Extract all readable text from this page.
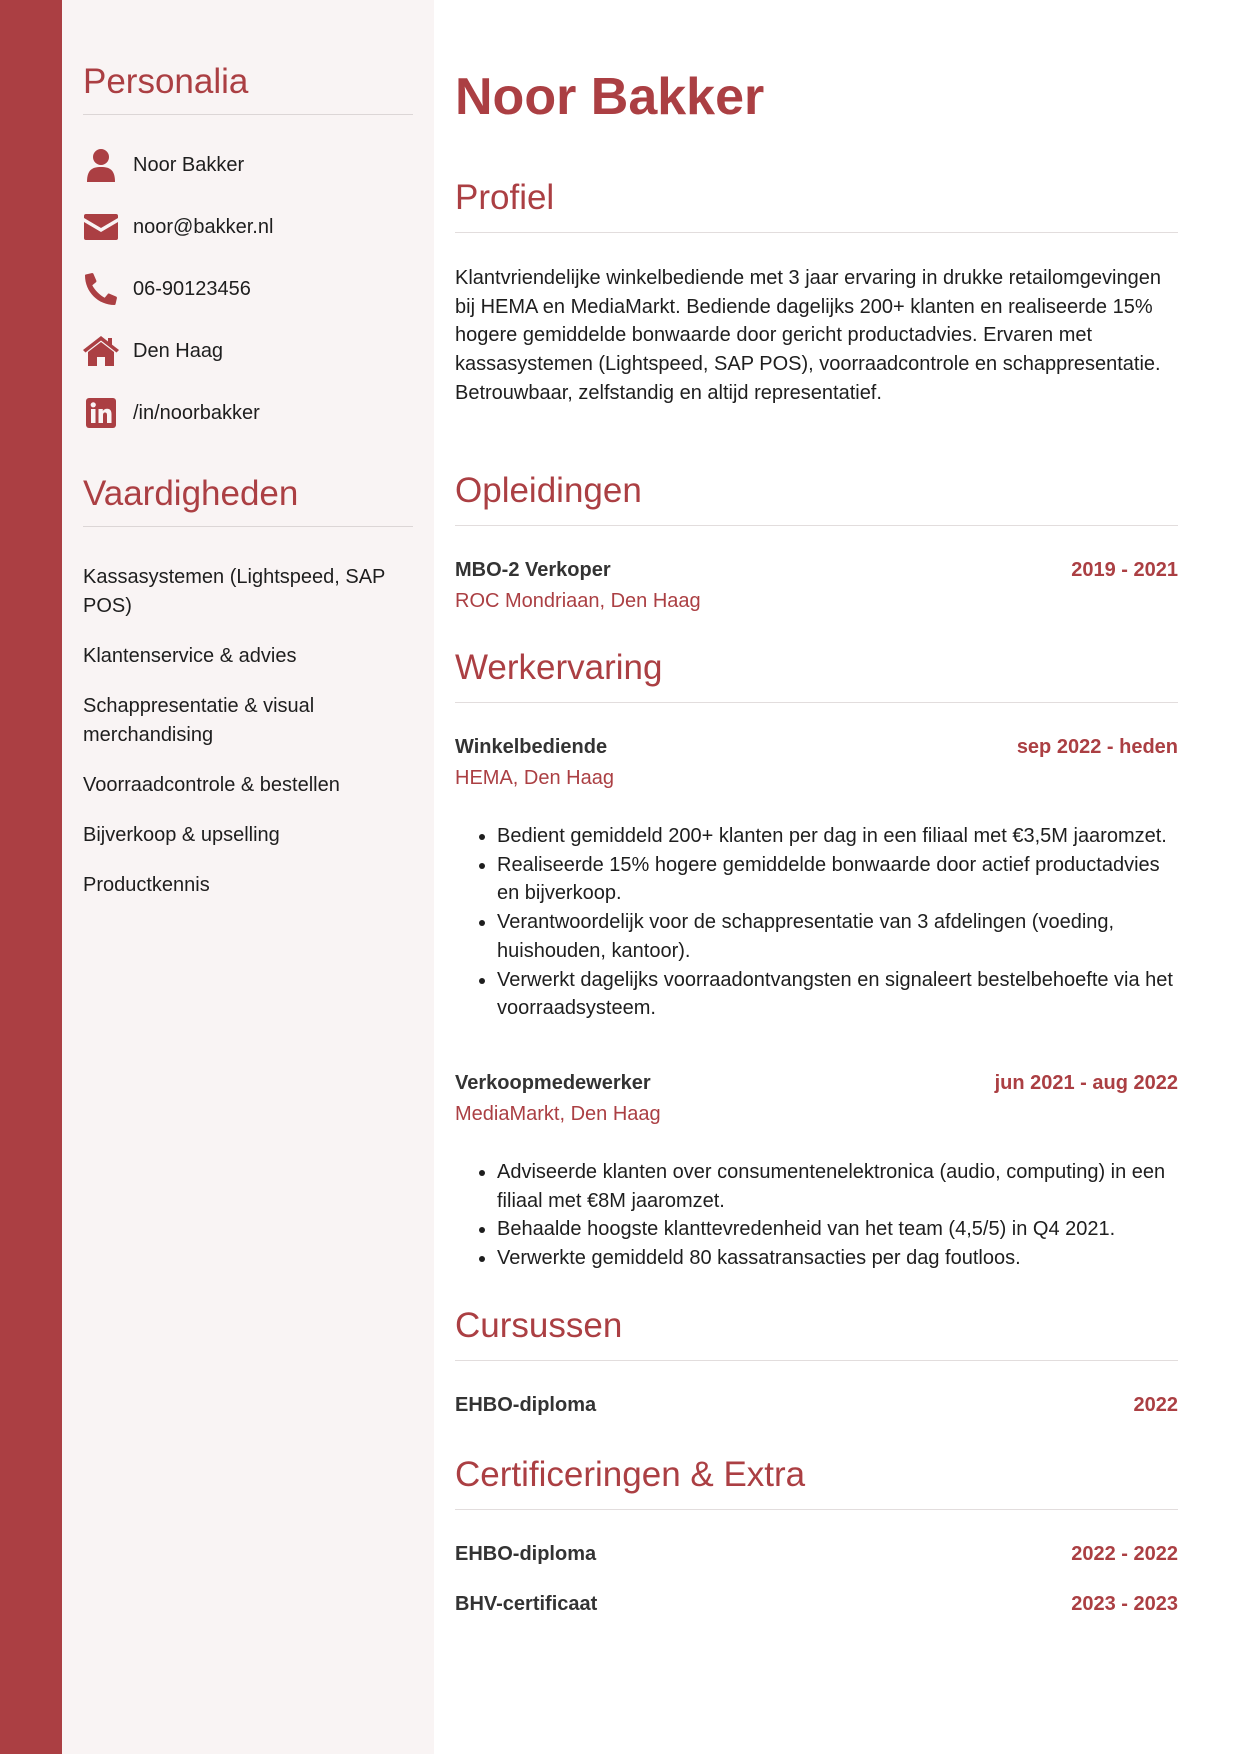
Personalia
Noor Bakker
noor@bakker.nl
06-90123456
Den Haag
/in/noorbakker
Vaardigheden
Kassasystemen (Lightspeed, SAP POS)
Klantenservice & advies
Schappresentatie & visual merchandising
Voorraadcontrole & bestellen
Bijverkoop & upselling
Productkennis
Noor Bakker
Profiel

Klantvriendelijke winkelbediende met 3 jaar ervaring in drukke retailomgevingen bij HEMA en MediaMarkt. Bediende dagelijks 200+ klanten en realiseerde 15% hogere gemiddelde bonwaarde door gericht productadvies. Ervaren met kassasystemen (Lightspeed, SAP POS), voorraadcontrole en schappresentatie. Betrouwbaar, zelfstandig en altijd representatief.

Opleidingen
MBO-2 Verkoper	2019 - 2021
ROC Mondriaan, Den Haag
Werkervaring
Winkelbediende	sep 2022 - heden
HEMA, Den Haag
• Bedient gemiddeld 200+ klanten per dag in een filiaal met €3,5M jaaromzet.
• Realiseerde 15% hogere gemiddelde bonwaarde door actief productadvies en bijverkoop.
• Verantwoordelijk voor de schappresentatie van 3 afdelingen (voeding, huishouden, kantoor).
• Verwerkt dagelijks voorraadontvangsten en signaleert bestelbehoefte via het voorraadsysteem.
Verkoopmedewerker	jun 2021 - aug 2022
MediaMarkt, Den Haag
• Adviseerde klanten over consumentenelektronica (audio, computing) in een filiaal met €8M jaaromzet.
• Behaalde hoogste klanttevredenheid van het team (4,5/5) in Q4 2021.
• Verwerkte gemiddeld 80 kassatransacties per dag foutloos.
Cursussen
EHBO-diploma	2022
Certificeringen & Extra
EHBO-diploma	2022 - 2022
BHV-certificaat	2023 - 2023
